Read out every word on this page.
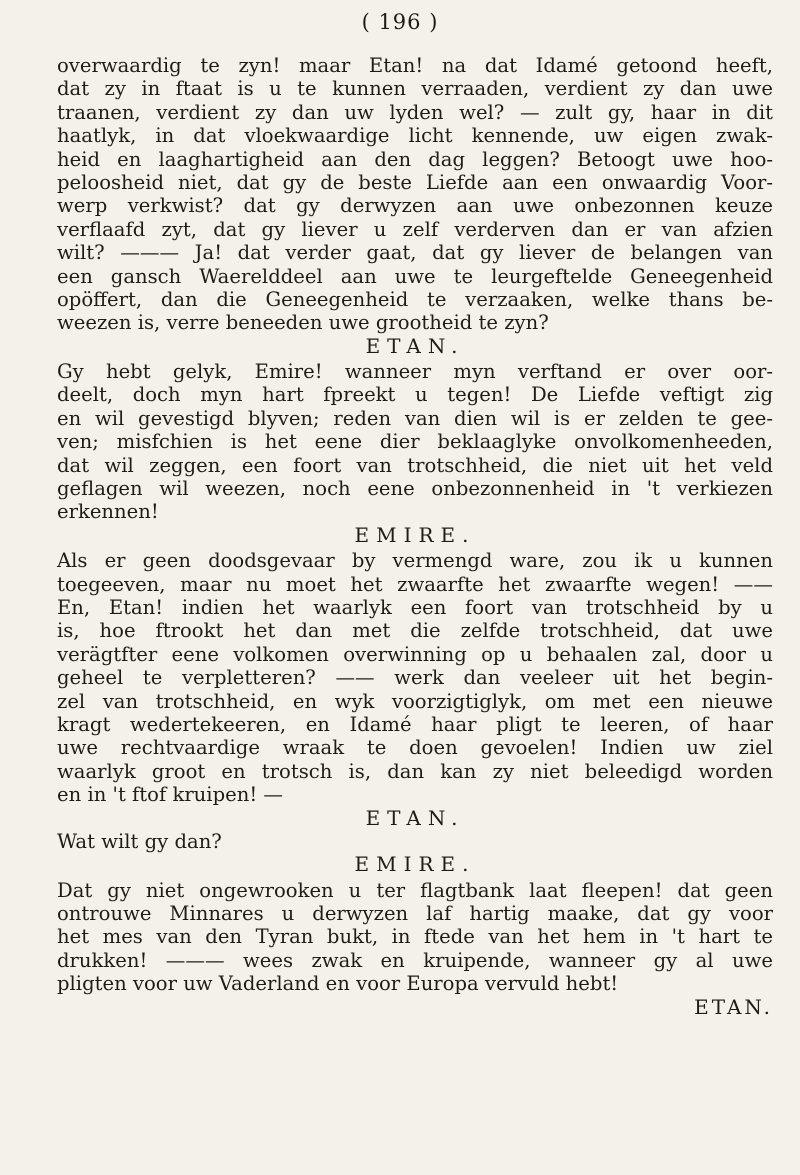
( 196 )
overwaardig te zyn! maar Etan! na dat Idamé getoond heeft,
dat zy in ftaat is u te kunnen verraaden, verdient zy dan uwe
traanen, verdient zy dan uw lyden wel? — zult gy, haar in dit
haatlyk, in dat vloekwaardige licht kennende, uw eigen zwak-
heid en laaghartigheid aan den dag leggen? Betoogt uwe hoo-
peloosheid niet, dat gy de beste Liefde aan een onwaardig Voor-
werp verkwist? dat gy derwyzen aan uwe onbezonnen keuze
verflaafd zyt, dat gy liever u zelf verderven dan er van afzien
wilt? ——— Ja! dat verder gaat, dat gy liever de belangen van
een gansch Waerelddeel aan uwe te leurgeftelde Geneegenheid
opöffert, dan die Geneegenheid te verzaaken, welke thans be-
weezen is, verre beneeden uwe grootheid te zyn?
ETAN.
Gy hebt gelyk, Emire! wanneer myn verftand er over oor-
deelt, doch myn hart fpreekt u tegen! De Liefde veftigt zig
en wil gevestigd blyven; reden van dien wil is er zelden te gee-
ven; misfchien is het eene dier beklaaglyke onvolkomenheeden,
dat wil zeggen, een foort van trotschheid, die niet uit het veld
geflagen wil weezen, noch eene onbezonnenheid in 't verkiezen
erkennen!
EMIRE.
Als er geen doodsgevaar by vermengd ware, zou ik u kunnen
toegeeven, maar nu moet het zwaarfte het zwaarfte wegen! ——
En, Etan! indien het waarlyk een foort van trotschheid by u
is, hoe ftrookt het dan met die zelfde trotschheid, dat uwe
verägtfter eene volkomen overwinning op u behaalen zal, door u
geheel te verpletteren? —— werk dan veeleer uit het begin-
zel van trotschheid, en wyk voorzigtiglyk, om met een nieuwe
kragt wedertekeeren, en Idamé haar pligt te leeren, of haar
uwe rechtvaardige wraak te doen gevoelen! Indien uw ziel
waarlyk groot en trotsch is, dan kan zy niet beleedigd worden
en in 't ftof kruipen! —
ETAN.
Wat wilt gy dan?
EMIRE.
Dat gy niet ongewrooken u ter flagtbank laat fleepen! dat geen
ontrouwe Minnares u derwyzen laf hartig maake, dat gy voor
het mes van den Tyran bukt, in ftede van het hem in 't hart te
drukken! ——— wees zwak en kruipende, wanneer gy al uwe
pligten voor uw Vaderland en voor Europa vervuld hebt!
ETAN.
